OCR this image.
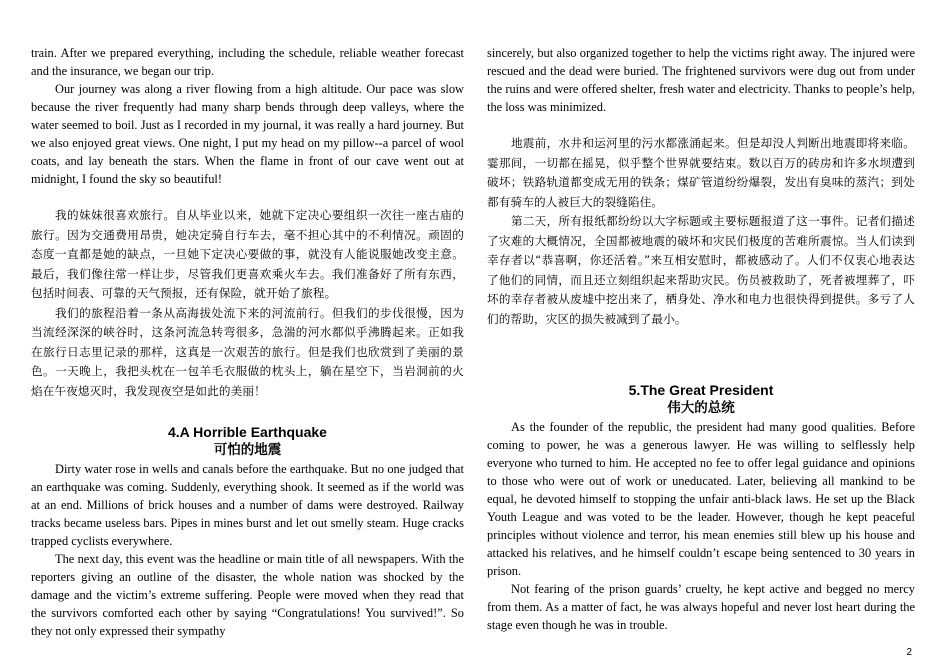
train. After we prepared everything, including the schedule, reliable weather forecast and the insurance, we began our trip.

Our journey was along a river flowing from a high altitude. Our pace was slow because the river frequently had many sharp bends through deep valleys, where the water seemed to boil. Just as I recorded in my journal, it was really a hard journey. But we also enjoyed great views. One night, I put my head on my pillow--a parcel of wool coats, and lay beneath the stars. When the flame in front of our cave went out at midnight, I found the sky so beautiful!

我的妹妹很喜欢旅行。自从毕业以来，她就下定决心要组织一次往一座古庙的旅行。因为交通费用昂贵，她决定骑自行车去，毫不担心其中的不利情况。顽固的态度一直都是她的缺点，一旦她下定决心要做的事，就没有人能说服她改变主意。最后，我们像往常一样让步，尽管我们更喜欢乘火车去。我们准备好了所有东西，包括时间表、可靠的天气预报，还有保险，就开始了旅程。

我们的旅程沿着一条从高海拔处流下来的河流前行。但我们的步伐很慢，因为当流经深深的峡谷时，这条河流急转弯很多，急湍的河水都似乎沸腾起来。正如我在旅行日志里记录的那样，这真是一次艰苦的旅行。但是我们也欣赏到了美丽的景色。一天晚上，我把头枕在一包羊毛衣服做的枕头上，躺在星空下，当岩洞前的火焰在午夜熄灭时，我发现夜空是如此的美丽！

4.A Horrible Earthquake
可怕的地震

Dirty water rose in wells and canals before the earthquake. But no one judged that an earthquake was coming. Suddenly, everything shook. It seemed as if the world was at an end. Millions of brick houses and a number of dams were destroyed. Railway tracks became useless bars. Pipes in mines burst and let out smelly steam. Huge cracks trapped cyclists everywhere.

The next day, this event was the headline or main title of all newspapers. With the reporters giving an outline of the disaster, the whole nation was shocked by the damage and the victim’s extreme suffering. People were moved when they read that the survivors comforted each other by saying “Congratulations! You survived!”. So they not only expressed their sympathy

sincerely, but also organized together to help the victims right away. The injured were rescued and the dead were buried. The frightened survivors were dug out from under the ruins and were offered shelter, fresh water and electricity. Thanks to people’s help, the loss was minimized.

地震前，水井和运河里的污水都涨涌起来。但是却没人判断出地震即将来临。霎那间，一切都在摇晃，似乎整个世界就要结束。数以百万的砖房和许多水坝遭到破坏；铁路轨道都变成无用的铁条；煤矿管道纷纷爆裂，发出有臭味的蒸汽；到处都有骑车的人被巨大的裂缝陷住。

第二天，所有报纸都纷纷以大字标题或主要标题报道了这一事件。记者们描述了灾难的大概情况，全国都被地震的破坏和灾民们极度的苦难所震惊。当人们读到幸存者以“恭喜啊，你还活着。”来互相安慰时，都被感动了。人们不仅衷心地表达了他们的同情，而且还立刻组织起来帮助灾民。伤员被救助了，死者被埋葬了，吓坏的幸存者被从废墟中挖出来了，栖身处、净水和电力也很快得到提供。多亏了人们的帮助，灾区的损失被减到了最小。

5.The Great President
伟大的总统

As the founder of the republic, the president had many good qualities. Before coming to power, he was a generous lawyer. He was willing to selflessly help everyone who turned to him. He accepted no fee to offer legal guidance and opinions to those who were out of work or uneducated. Later, believing all mankind to be equal, he devoted himself to stopping the unfair anti-black laws. He set up the Black Youth League and was voted to be the leader. However, though he kept peaceful principles without violence and terror, his mean enemies still blew up his house and attacked his relatives, and he himself couldn’t escape being sentenced to 30 years in prison.

Not fearing of the prison guards’ cruelty, he kept active and begged no mercy from them. As a matter of fact, he was always hopeful and never lost heart during the stage even though he was in trouble.

2
